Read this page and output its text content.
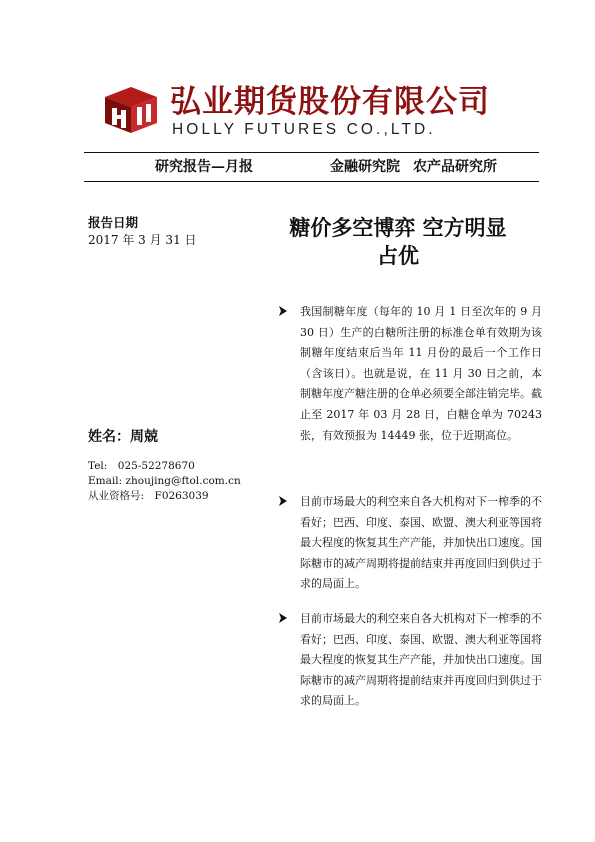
弘业期货股份有限公司
HOLLY FUTURES CO.,LTD.
研究报告—月报	金融研究院 农产品研究所
报告日期
2017 年 3 月 31 日	糖价多空博弈 空方明显
占优
姓名：周兢
Tel:　025-52278670
Email: zhoujing@ftol.com.cn
从业资格号:　F0263039
我国制糖年度（每年的 10 月 1 日至次年的 9 月 30 日）生产的白糖所注册的标准仓单有效期为该制糖年度结束后当年 11 月份的最后一个工作日（含该日）。也就是说，在 11 月 30 日之前，本制糖年度产糖注册的仓单必须要全部注销完毕。截止至 2017 年 03 月 28 日，白糖仓单为 70243 张，有效预报为 14449 张，位于近期高位。
目前市场最大的利空来自各大机构对下一榨季的不看好；巴西、印度、泰国、欧盟、澳大利亚等国将最大程度的恢复其生产产能，并加快出口速度。国际糖市的减产周期将提前结束并再度回归到供过于求的局面上。
目前市场最大的利空来自各大机构对下一榨季的不看好；巴西、印度、泰国、欧盟、澳大利亚等国将最大程度的恢复其生产产能，并加快出口速度。国际糖市的减产周期将提前结束并再度回归到供过于求的局面上。
